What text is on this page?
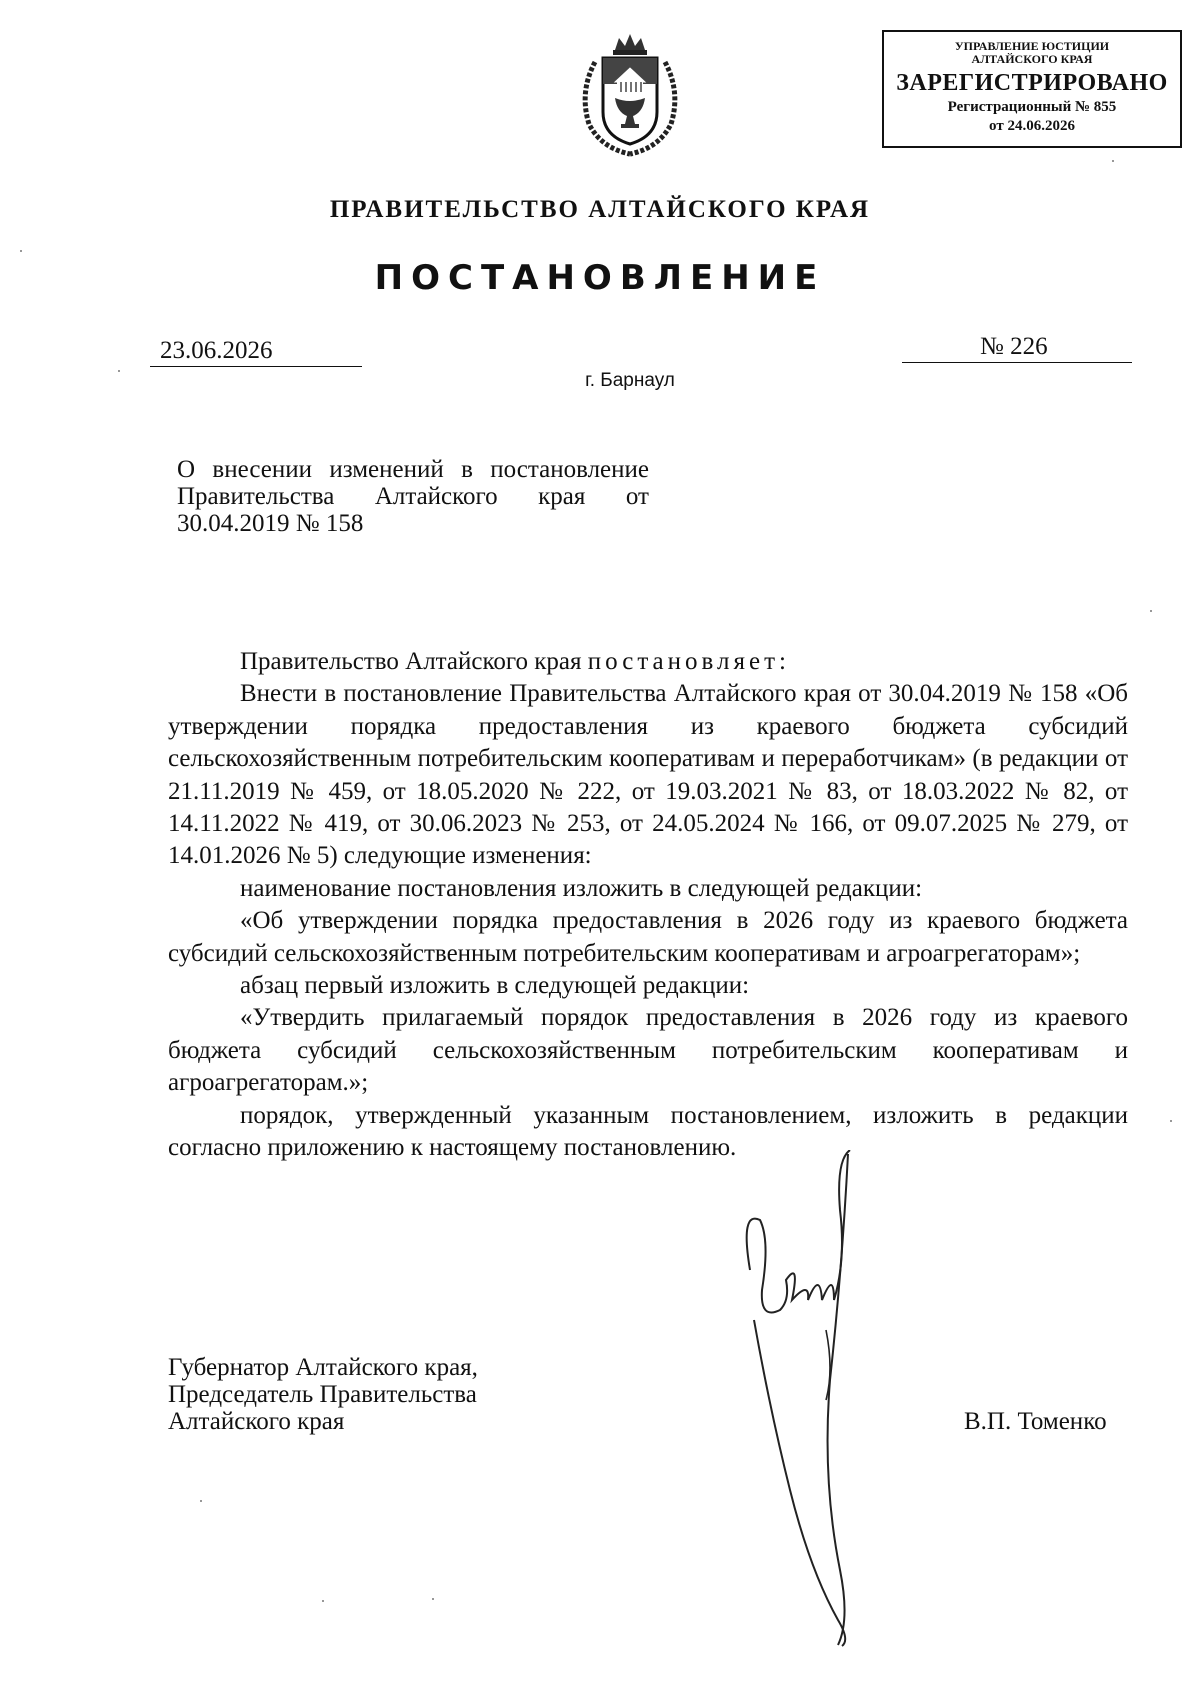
УПРАВЛЕНИЕ ЮСТИЦИИ
АЛТАЙСКОГО КРАЯ
ЗАРЕГИСТРИРОВАНО
Регистрационный № 855
от 24.06.2026
ПРАВИТЕЛЬСТВО АЛТАЙСКОГО КРАЯ
ПОСТАНОВЛЕНИЕ
23.06.2026	№ 226
г. Барнаул
О внесении изменений в постановление Правительства Алтайского края от 30.04.2019 № 158

Правительство Алтайского края постановляет:

Внести в постановление Правительства Алтайского края от 30.04.2019 № 158 «Об утверждении порядка предоставления из краевого бюджета субсидий сельскохозяйственным потребительским кооперативам и переработчикам» (в редакции от 21.11.2019 № 459, от 18.05.2020 № 222, от 19.03.2021 № 83, от 18.03.2022 № 82, от 14.11.2022 № 419, от 30.06.2023 № 253, от 24.05.2024 № 166, от 09.07.2025 № 279, от 14.01.2026 № 5) следующие изменения:

наименование постановления изложить в следующей редакции:

«Об утверждении порядка предоставления в 2026 году из краевого бюджета субсидий сельскохозяйственным потребительским кооперативам и агроагрегаторам»;

абзац первый изложить в следующей редакции:

«Утвердить прилагаемый порядок предоставления в 2026 году из краевого бюджета субсидий сельскохозяйственным потребительским кооперативам и агроагрегаторам.»;

порядок, утвержденный указанным постановлением, изложить в редакции согласно приложению к настоящему постановлению.

Губернатор Алтайского края,
Председатель Правительства
Алтайского края	В.П. Томенко
